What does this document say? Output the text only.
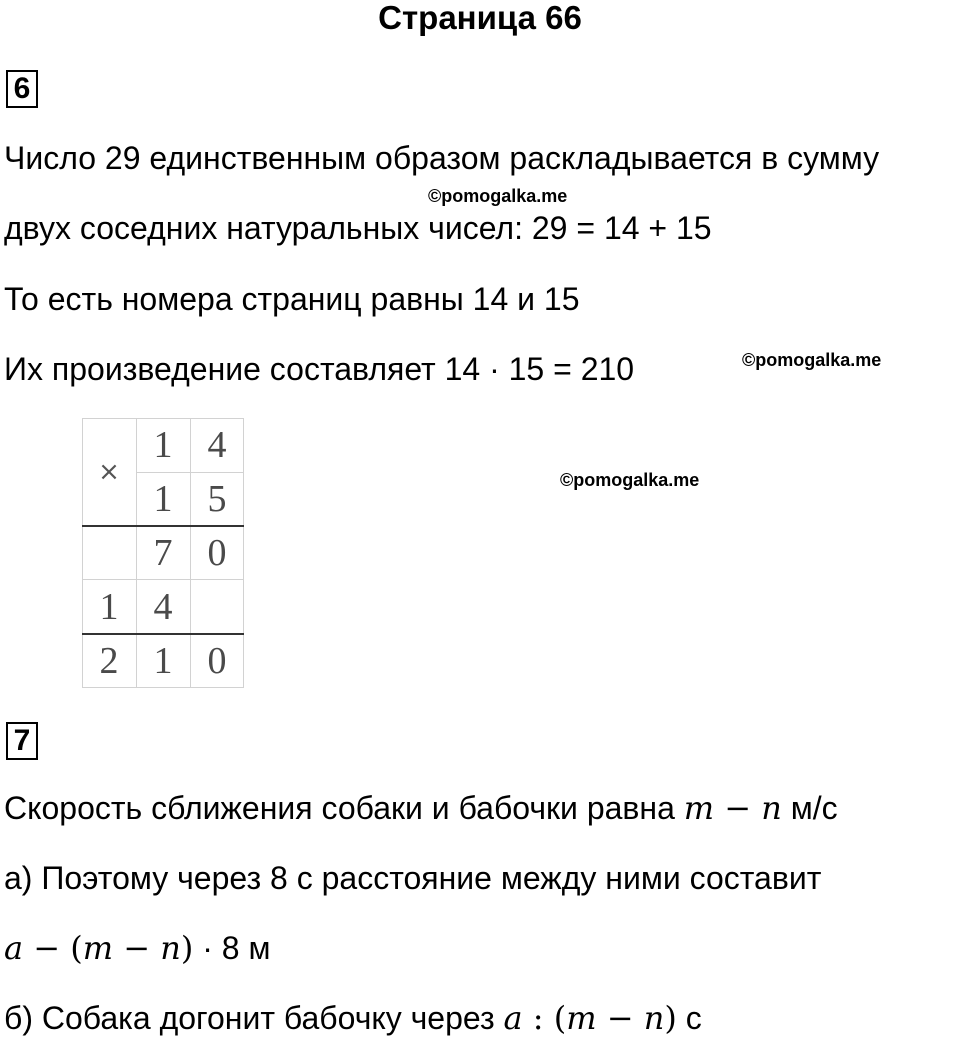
Страница 66
6
Число 29 единственным образом раскладывается в сумму
©pomogalka.me
двух соседних натуральных чисел: 29 = 14 + 15
То есть номера страниц равны 14 и 15
Их произведение составляет 14 · 15 = 210	©pomogalka.me
©pomogalka.me
×
1 4
1 5
7 0
1 4
2 1 0
7
Скорость сближения собаки и бабочки равна m − n м/с
а) Поэтому через 8 с расстояние между ними составит
a − (m − n) · 8 м
б) Собака догонит бабочку через a : (m − n) с
